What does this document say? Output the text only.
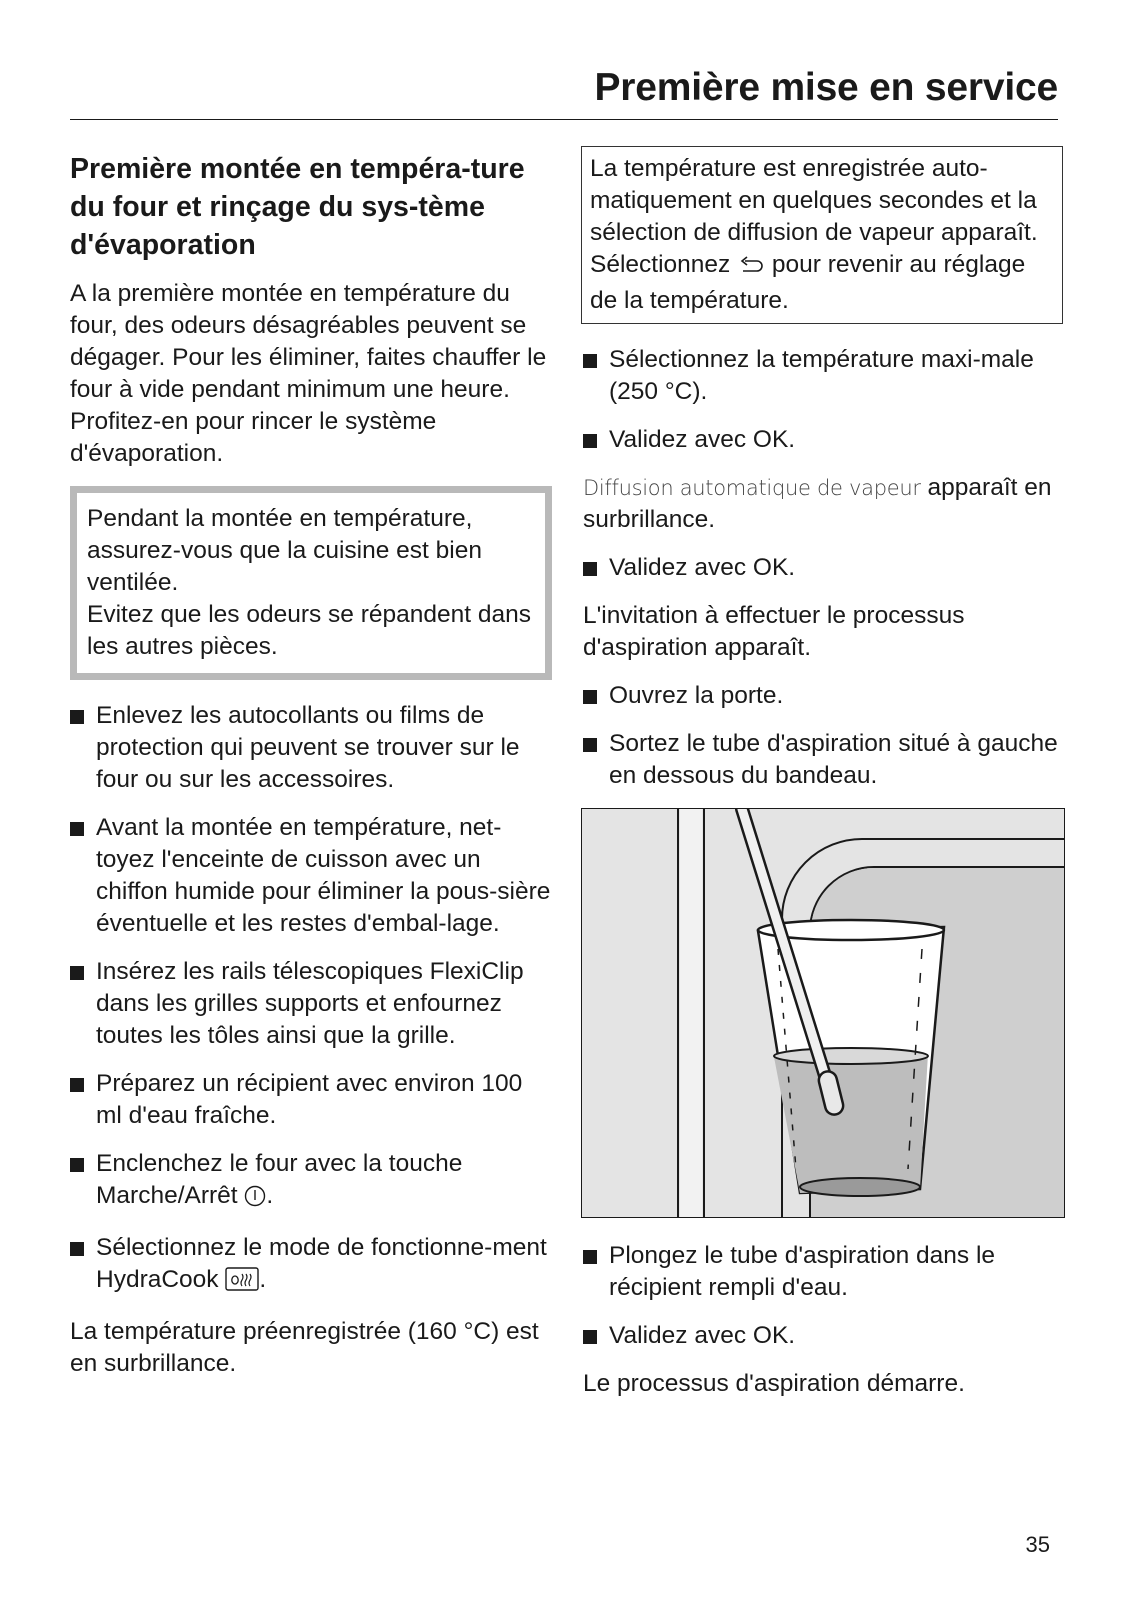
Première mise en service
Première montée en tempéra-ture du four et rinçage du sys-tème d'évaporation

A la première montée en température du four, des odeurs désagréables peuvent se dégager. Pour les éliminer, faites chauffer le four à vide pendant minimum une heure. Profitez-en pour rincer le système d'évaporation.

Pendant la montée en température, assurez-vous que la cuisine est bien ventilée.
Evitez que les odeurs se répandent dans les autres pièces.
Enlevez les autocollants ou films de protection qui peuvent se trouver sur le four ou sur les accessoires.
Avant la montée en température, net-toyez l'enceinte de cuisson avec un chiffon humide pour éliminer la pous-sière éventuelle et les restes d'embal-lage.
Insérez les rails télescopiques FlexiClip dans les grilles supports et enfournez toutes les tôles ainsi que la grille.
Préparez un récipient avec environ 100 ml d'eau fraîche.
Enclenchez le four avec la touche Marche/Arrêt .
Sélectionnez le mode de fonctionne-ment HydraCook .

La température préenregistrée (160 °C) est en surbrillance.

La température est enregistrée auto-matiquement en quelques secondes et la sélection de diffusion de vapeur apparaît. Sélectionnez pour revenir au réglage de la température.
Sélectionnez la température maxi-male (250 °C).
Validez avec OK.

Diffusion automatique de vapeur apparaît en surbrillance.

Validez avec OK.

L'invitation à effectuer le processus d'aspiration apparaît.

Ouvrez la porte.
Sortez le tube d'aspiration situé à gauche en dessous du bandeau.
Plongez le tube d'aspiration dans le récipient rempli d'eau.
Validez avec OK.

Le processus d'aspiration démarre.

35
